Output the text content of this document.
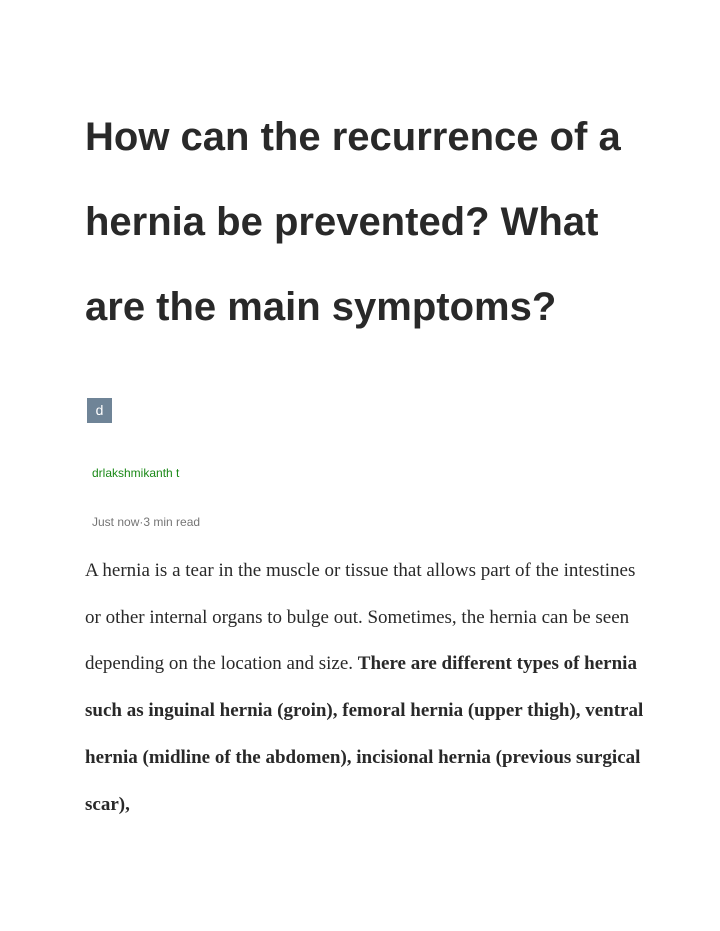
How can the recurrence of a hernia be prevented? What are the main symptoms?
d
drlakshmikanth t
Just now·3 min read

A hernia is a tear in the muscle or tissue that allows part of the intestines or other internal organs to bulge out. Sometimes, the hernia can be seen depending on the location and size. There are different types of hernia such as inguinal hernia (groin), femoral hernia (upper thigh), ventral hernia (midline of the abdomen), incisional hernia (previous surgical scar),
